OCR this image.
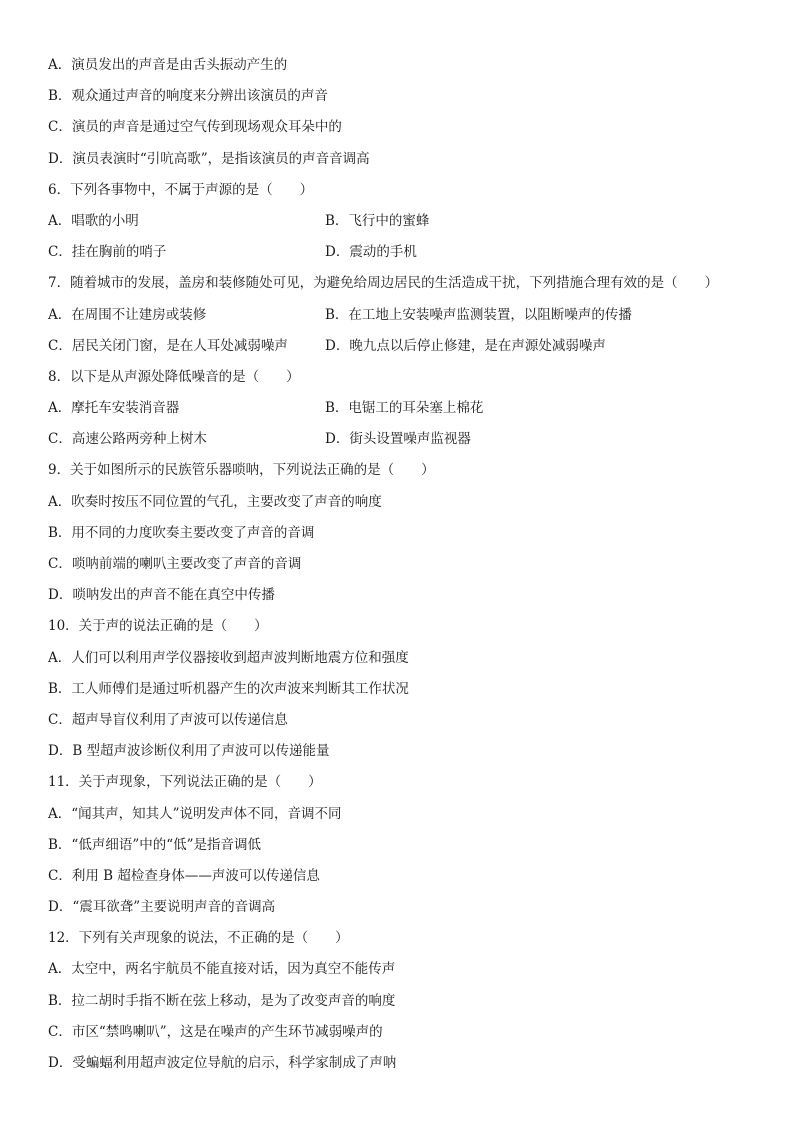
A．演员发出的声音是由舌头振动产生的
B．观众通过声音的响度来分辨出该演员的声音
C．演员的声音是通过空气传到现场观众耳朵中的
D．演员表演时“引吭高歌”，是指该演员的声音音调高
6．下列各事物中，不属于声源的是（　　）
A．唱歌的小明	B．飞行中的蜜蜂
C．挂在胸前的哨子	D．震动的手机
7．随着城市的发展，盖房和装修随处可见，为避免给周边居民的生活造成干扰，下列措施合理有效的是（　　）
A．在周围不让建房或装修	B．在工地上安装噪声监测装置，以阻断噪声的传播
C．居民关闭门窗，是在人耳处减弱噪声	D．晚九点以后停止修建，是在声源处减弱噪声
8．以下是从声源处降低噪音的是（　　）
A．摩托车安装消音器	B．电锯工的耳朵塞上棉花
C．高速公路两旁种上树木	D．街头设置噪声监视器
9．关于如图所示的民族管乐器唢呐，下列说法正确的是（　　）
A．吹奏时按压不同位置的气孔，主要改变了声音的响度
B．用不同的力度吹奏主要改变了声音的音调
C．唢呐前端的喇叭主要改变了声音的音调
D．唢呐发出的声音不能在真空中传播
10．关于声的说法正确的是（　　）
A．人们可以利用声学仪器接收到超声波判断地震方位和强度
B．工人师傅们是通过听机器产生的次声波来判断其工作状况
C．超声导盲仪利用了声波可以传递信息
D．B 型超声波诊断仪利用了声波可以传递能量
11．关于声现象，下列说法正确的是（　　）
A．“闻其声，知其人”说明发声体不同，音调不同
B．“低声细语”中的“低”是指音调低
C．利用 B 超检查身体——声波可以传递信息
D．“震耳欲聋”主要说明声音的音调高
12．下列有关声现象的说法，不正确的是（　　）
A．太空中，两名宇航员不能直接对话，因为真空不能传声
B．拉二胡时手指不断在弦上移动，是为了改变声音的响度
C．市区“禁鸣喇叭”，这是在噪声的产生环节减弱噪声的
D．受蝙蝠利用超声波定位导航的启示，科学家制成了声呐
